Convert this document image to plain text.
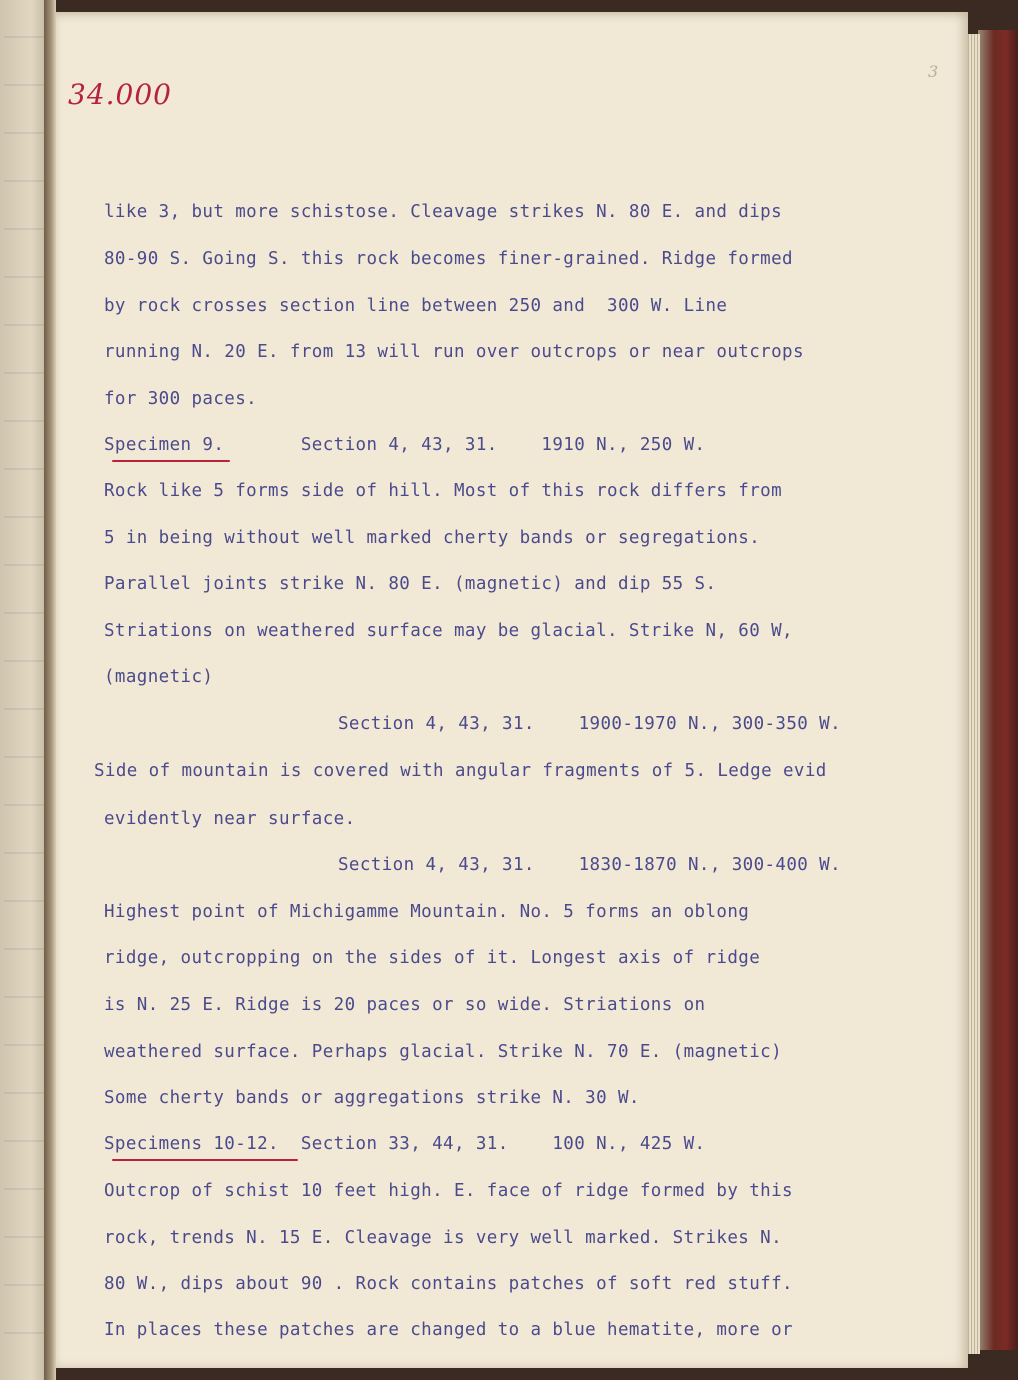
34.000
3
like 3, but more schistose. Cleavage strikes N. 80 E. and dips
80-90 S. Going S. this rock becomes finer-grained. Ridge formed
by rock crosses section line between 250 and  300 W. Line
running N. 20 E. from 13 will run over outcrops or near outcrops
for 300 paces.
Specimen 9.       Section 4, 43, 31.    1910 N., 250 W.
Rock like 5 forms side of hill. Most of this rock differs from
5 in being without well marked cherty bands or segregations.
Parallel joints strike N. 80 E. (magnetic) and dip 55 S.
Striations on weathered surface may be glacial. Strike N, 60 W,
(magnetic)
Section 4, 43, 31.    1900-1970 N., 300-350 W.
Side of mountain is covered with angular fragments of 5. Ledge evid
evidently near surface.
Section 4, 43, 31.    1830-1870 N., 300-400 W.
Highest point of Michigamme Mountain. No. 5 forms an oblong
ridge, outcropping on the sides of it. Longest axis of ridge
is N. 25 E. Ridge is 20 paces or so wide. Striations on
weathered surface. Perhaps glacial. Strike N. 70 E. (magnetic)
Some cherty bands or aggregations strike N. 30 W.
Specimens 10-12.  Section 33, 44, 31.    100 N., 425 W.
Outcrop of schist 10 feet high. E. face of ridge formed by this
rock, trends N. 15 E. Cleavage is very well marked. Strikes N.
80 W., dips about 90 . Rock contains patches of soft red stuff.
In places these patches are changed to a blue hematite, more or
